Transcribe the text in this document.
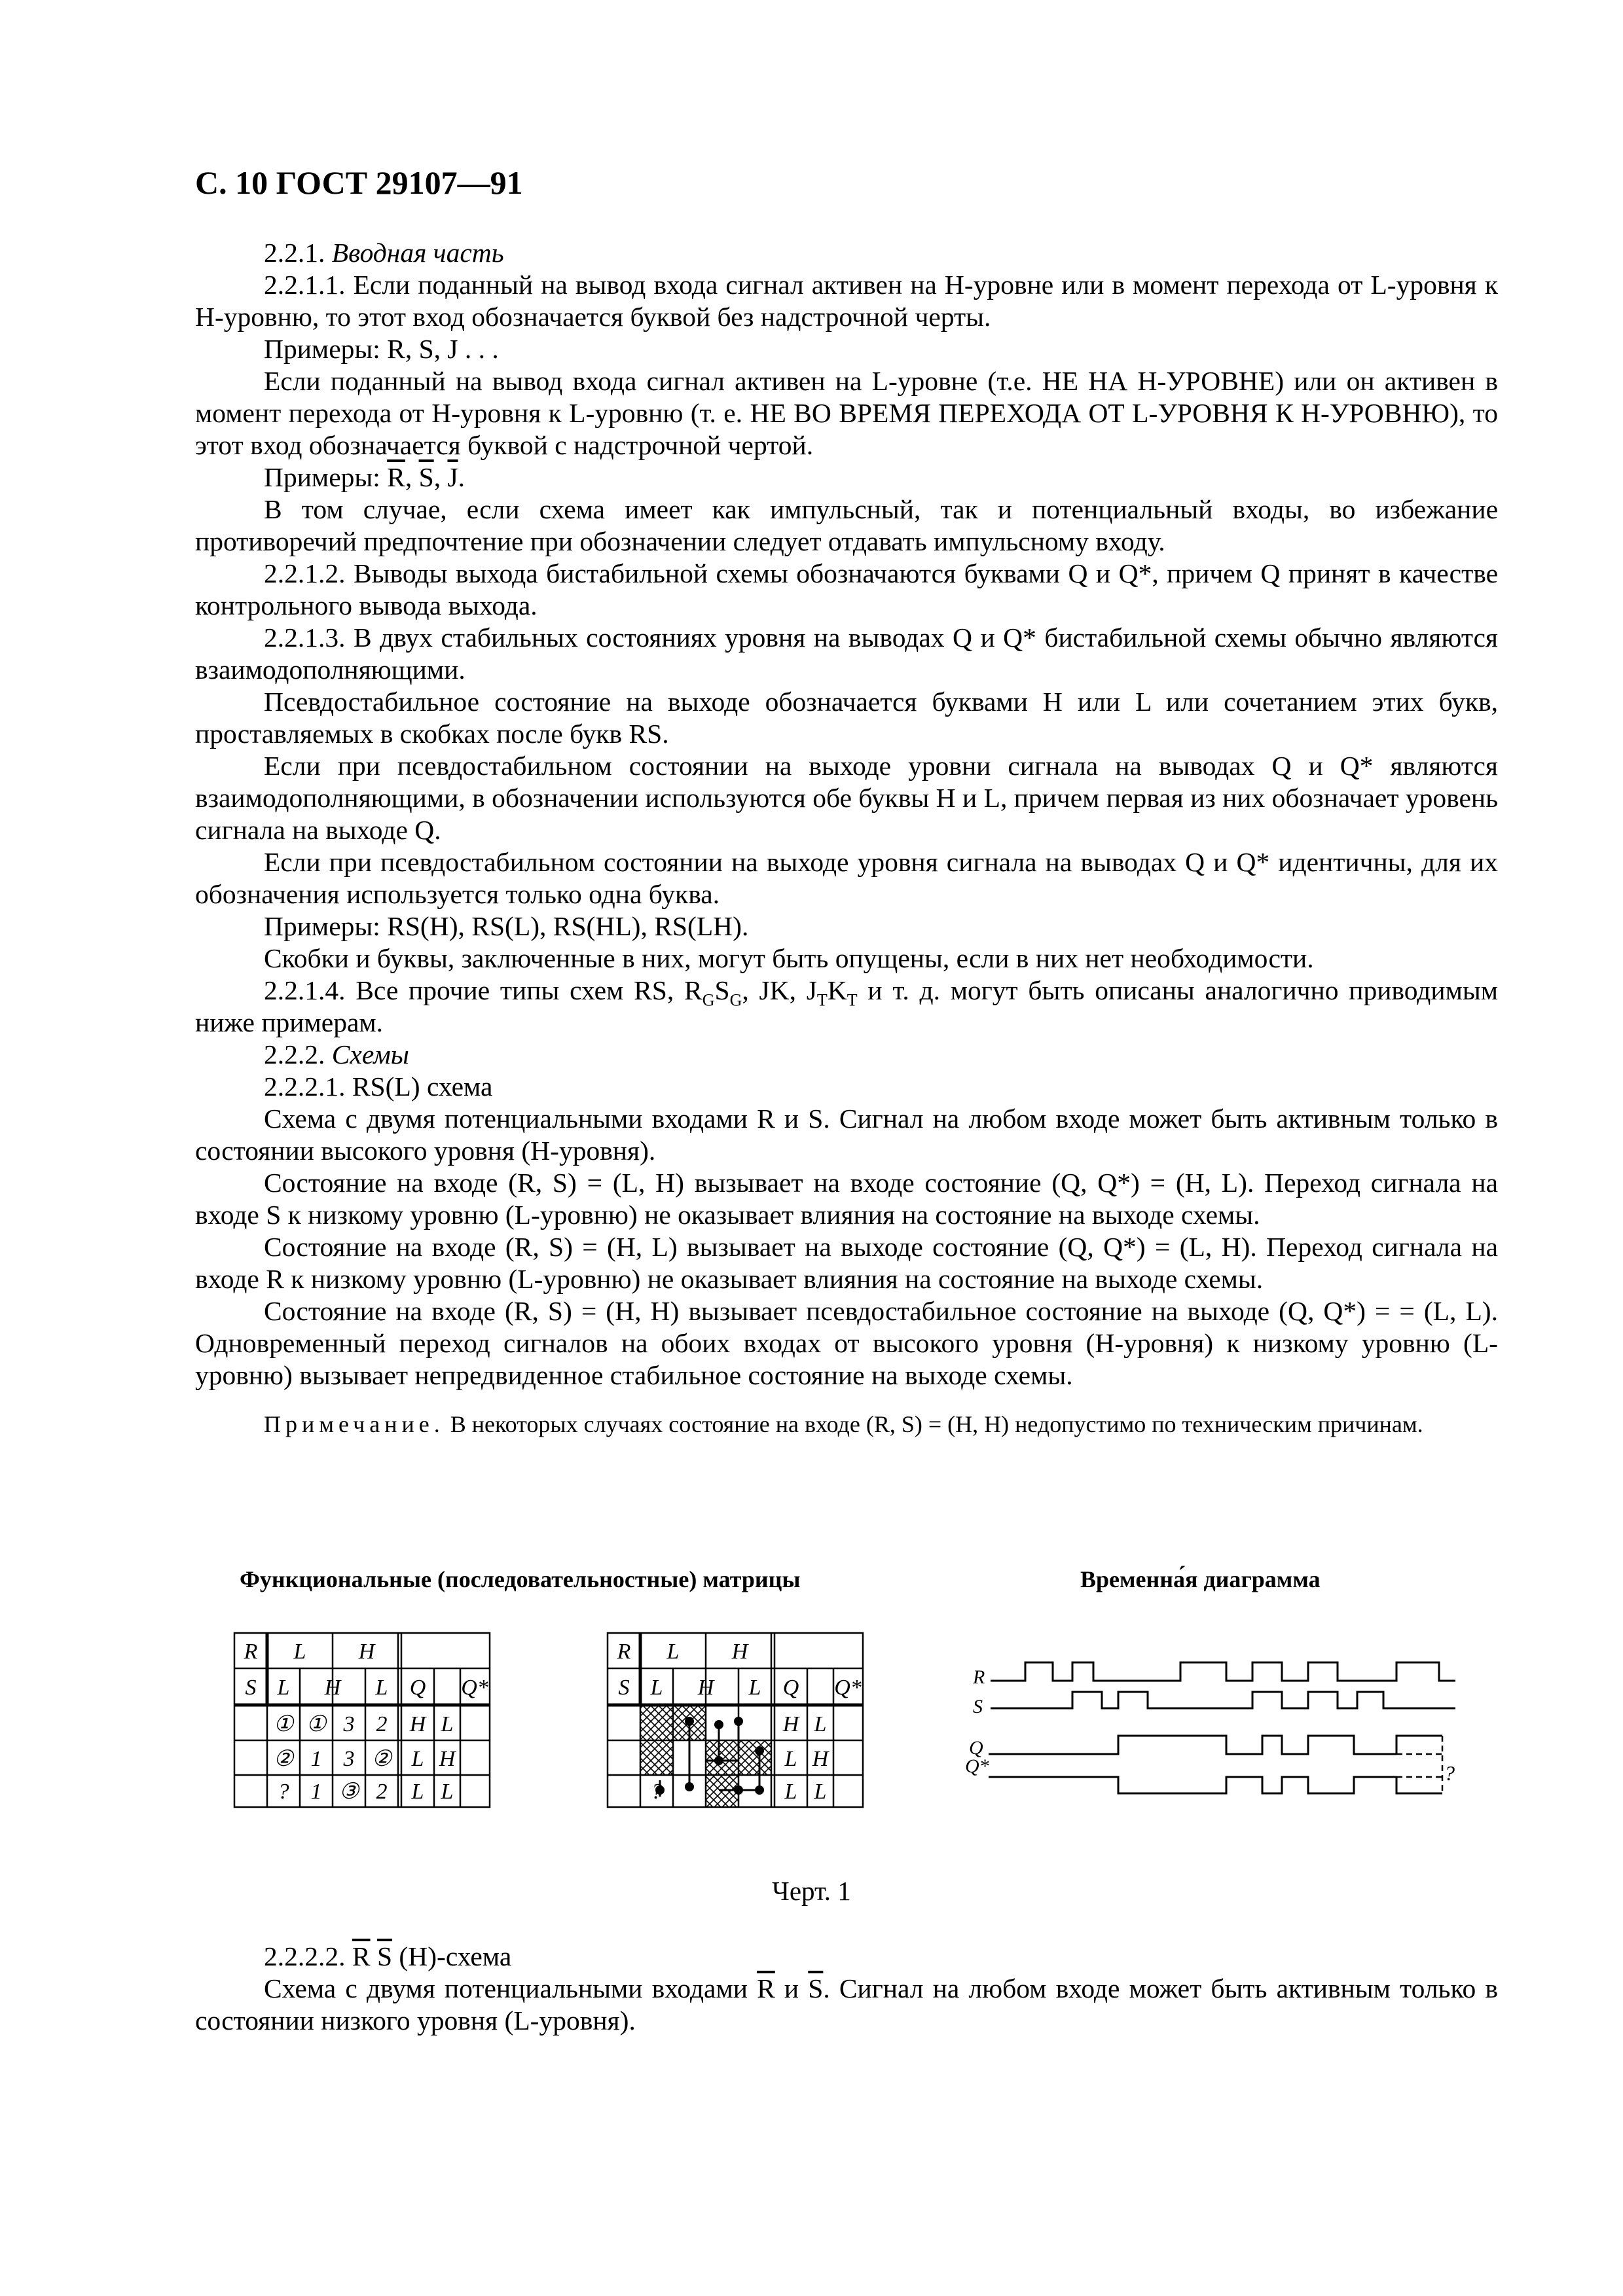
С. 10 ГОСТ 29107—91

2.2.1. Вводная часть

2.2.1.1. Если поданный на вывод входа сигнал активен на Н-уровне или в момент перехода от L-уровня к Н-уровню, то этот вход обозначается буквой без надстрочной черты.

Примеры: R, S, J . . .

Если поданный на вывод входа сигнал активен на L-уровне (т.е. НЕ НА Н-УРОВНЕ) или он активен в момент перехода от Н-уровня к L-уровню (т. е. НЕ ВО ВРЕМЯ ПЕРЕХОДА ОТ L-УРОВНЯ К Н-УРОВНЮ), то этот вход обозначается буквой с надстрочной чертой.

Примеры: $\overline{R}$, $\overline{S}$, $\overline{J}$.

В том случае, если схема имеет как импульсный, так и потенциальный входы, во избежание противоречий предпочтение при обозначении следует отдавать импульсному входу.

2.2.1.2. Выводы выхода бистабильной схемы обозначаются буквами Q и Q*, причем Q принят в качестве контрольного вывода выхода.

2.2.1.3. В двух стабильных состояниях уровня на выводах Q и Q* бистабильной схемы обычно являются взаимодополняющими.

Псевдостабильное состояние на выходе обозначается буквами Н или L или сочетанием этих букв, проставляемых в скобках после букв RS.

Если при псевдостабильном состоянии на выходе уровни сигнала на выводах Q и Q* являются взаимодополняющими, в обозначении используются обе буквы Н и L, причем первая из них обозначает уровень сигнала на выходе Q.

Если при псевдостабильном состоянии на выходе уровня сигнала на выводах Q и Q* идентичны, для их обозначения используется только одна буква.

Примеры: RS(H), RS(L), RS(HL), RS(LH).

Скобки и буквы, заключенные в них, могут быть опущены, если в них нет необходимости.

2.2.1.4. Все прочие типы схем RS, $R_GS_G$, JK, $J_TK_T$ и т. д. могут быть описаны аналогично приводимым ниже примерам.

2.2.2. Схемы

2.2.2.1. RS(L) схема

Схема с двумя потенциальными входами R и S. Сигнал на любом входе может быть активным только в состоянии высокого уровня (Н-уровня).

Состояние на входе (R, S) = (L, H) вызывает на входе состояние (Q, Q*) = (H, L). Переход сигнала на входе S к низкому уровню (L-уровню) не оказывает влияния на состояние на выходе схемы.

Состояние на входе (R, S) = (H, L) вызывает на выходе состояние (Q, Q*) = (L, H). Переход сигнала на входе R к низкому уровню (L-уровню) не оказывает влияния на состояние на выходе схемы.

Состояние на входе (R, S) = (H, H) вызывает псевдостабильное состояние на выходе (Q, Q*) = = (L, L). Одновременный переход сигналов на обоих входах от высокого уровня (Н-уровня) к низкому уровню (L-уровню) вызывает непредвиденное стабильное состояние на выходе схемы.

Примечание. В некоторых случаях состояние на входе (R, S) = (H, H) недопустимо по техническим причинам.

Функциональные (последовательностные) матрицы	Временна́я диаграмма
R L H
S L H L Q Q*
① ① 3 2 H L
② 1 3 ② L H
? 1 ③ 2 L L
R L H
S L H L Q Q*
H L
L H
L L
?
R
S
Q
Q*	?
Черт. 1

2.2.2.2. $\overline{R}$ $\overline{S}$ (H)-схема

Схема с двумя потенциальными входами $\overline{R}$ и $\overline{S}$. Сигнал на любом входе может быть активным только в состоянии низкого уровня (L-уровня).
